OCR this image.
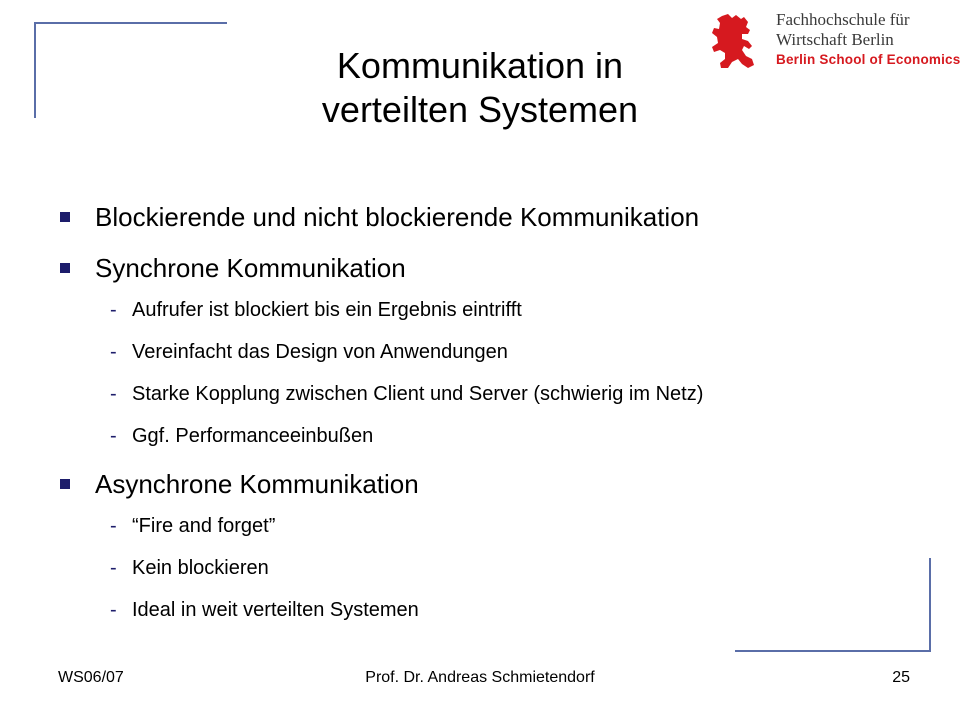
Fachhochschule für
Wirtschaft Berlin
Berlin School of Economics
Kommunikation in
verteilten Systemen
Blockierende und nicht blockierende Kommunikation
Synchrone Kommunikation
- Aufrufer ist blockiert bis ein Ergebnis eintrifft
- Vereinfacht das Design von Anwendungen
- Starke Kopplung zwischen Client und Server (schwierig im Netz)
- Ggf. Performanceeinbußen
Asynchrone Kommunikation
- “Fire and forget”
- Kein blockieren
- Ideal in weit verteilten Systemen
WS06/07	Prof. Dr. Andreas Schmietendorf	25
